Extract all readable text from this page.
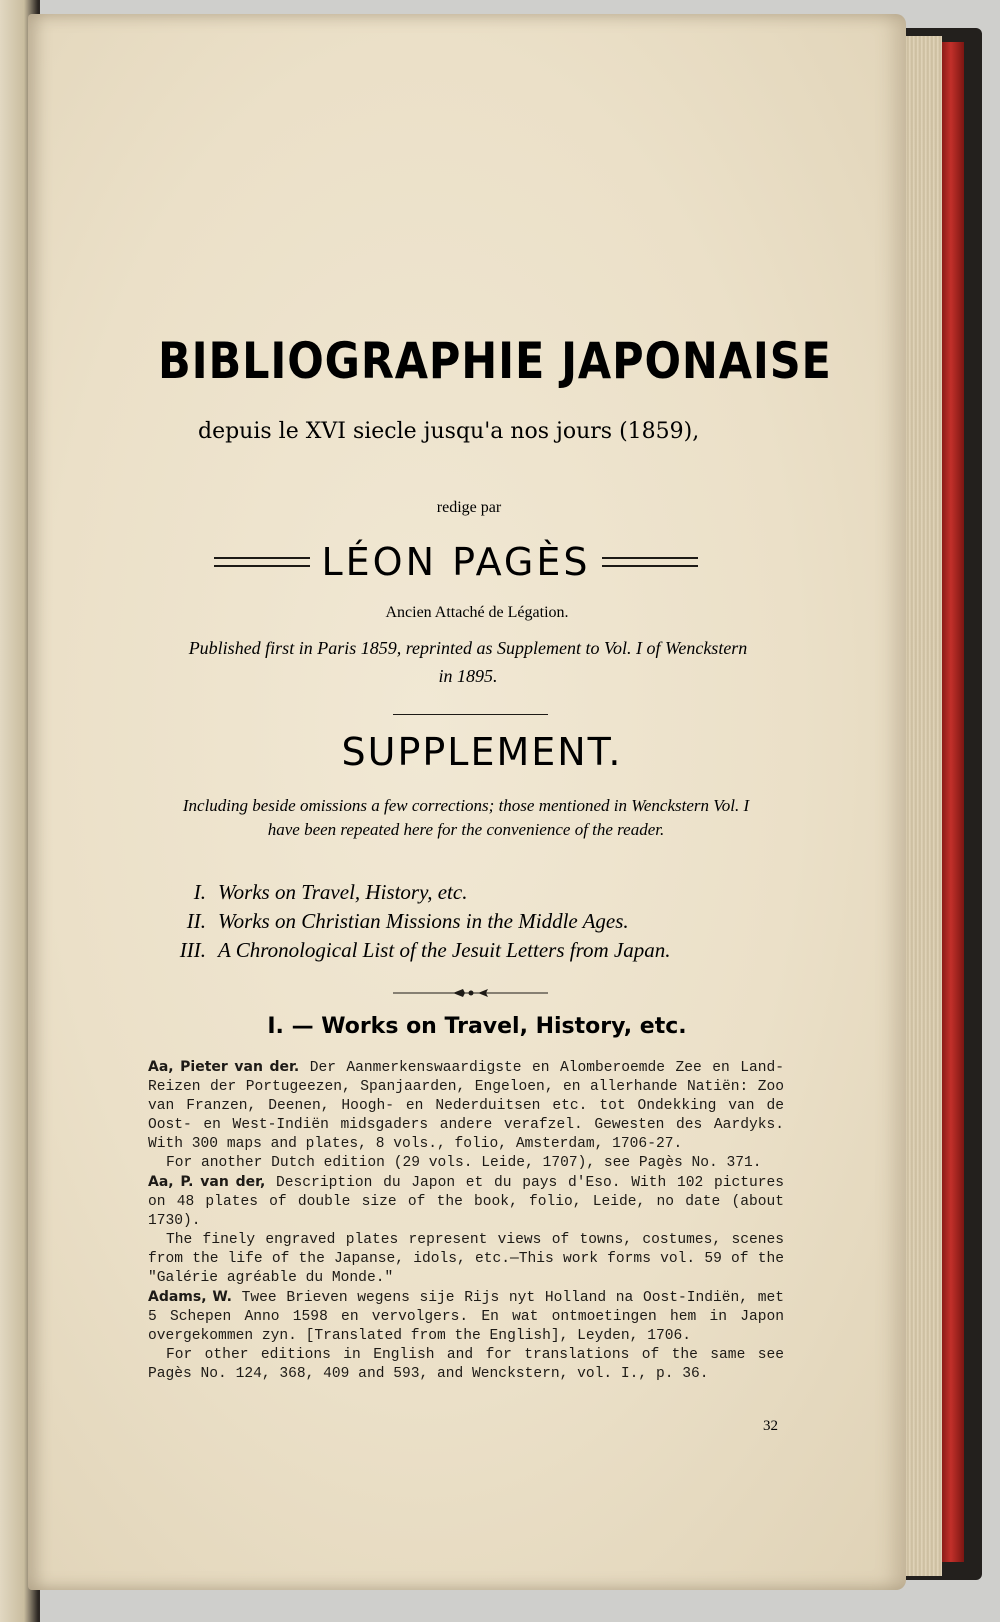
BIBLIOGRAPHIE JAPONAISE
depuis le XVI siecle jusqu'a nos jours (1859),
redige par
LÉON PAGÈS
Ancien Attaché de Légation.
Published first in Paris 1859, reprinted as Supplement to Vol. I of Wenckstern in 1895.
SUPPLEMENT.
Including beside omissions a few corrections; those mentioned in Wenckstern Vol. I have been repeated here for the convenience of the reader.
I. Works on Travel, History, etc.
II. Works on Christian Missions in the Middle Ages.
III. A Chronological List of the Jesuit Letters from Japan.
I. — Works on Travel, History, etc.

Aa, Pieter van der. Der Aanmerkenswaardigste en Alomberoemde Zee en Land-Reizen der Portugeezen, Spanjaarden, Engeloen, en allerhande Natiën: Zoo van Franzen, Deenen, Hoogh- en Nederduitsen etc. tot Ondekking van de Oost- en West-Indiën midsgaders andere verafzel. Gewesten des Aardyks. With 300 maps and plates, 8 vols., folio, Amsterdam, 1706-27.

For another Dutch edition (29 vols. Leide, 1707), see Pagès No. 371.

Aa, P. van der, Description du Japon et du pays d'Eso. With 102 pictures on 48 plates of double size of the book, folio, Leide, no date (about 1730).

The finely engraved plates represent views of towns, costumes, scenes from the life of the Japanse, idols, etc.—This work forms vol. 59 of the "Galérie agréable du Monde."

Adams, W. Twee Brieven wegens sije Rijs nyt Holland na Oost-Indiën, met 5 Schepen Anno 1598 en vervolgers. En wat ontmoetingen hem in Japon overgekommen zyn. [Translated from the English], Leyden, 1706.

For other editions in English and for translations of the same see Pagès No. 124, 368, 409 and 593, and Wenckstern, vol. I., p. 36.

32
